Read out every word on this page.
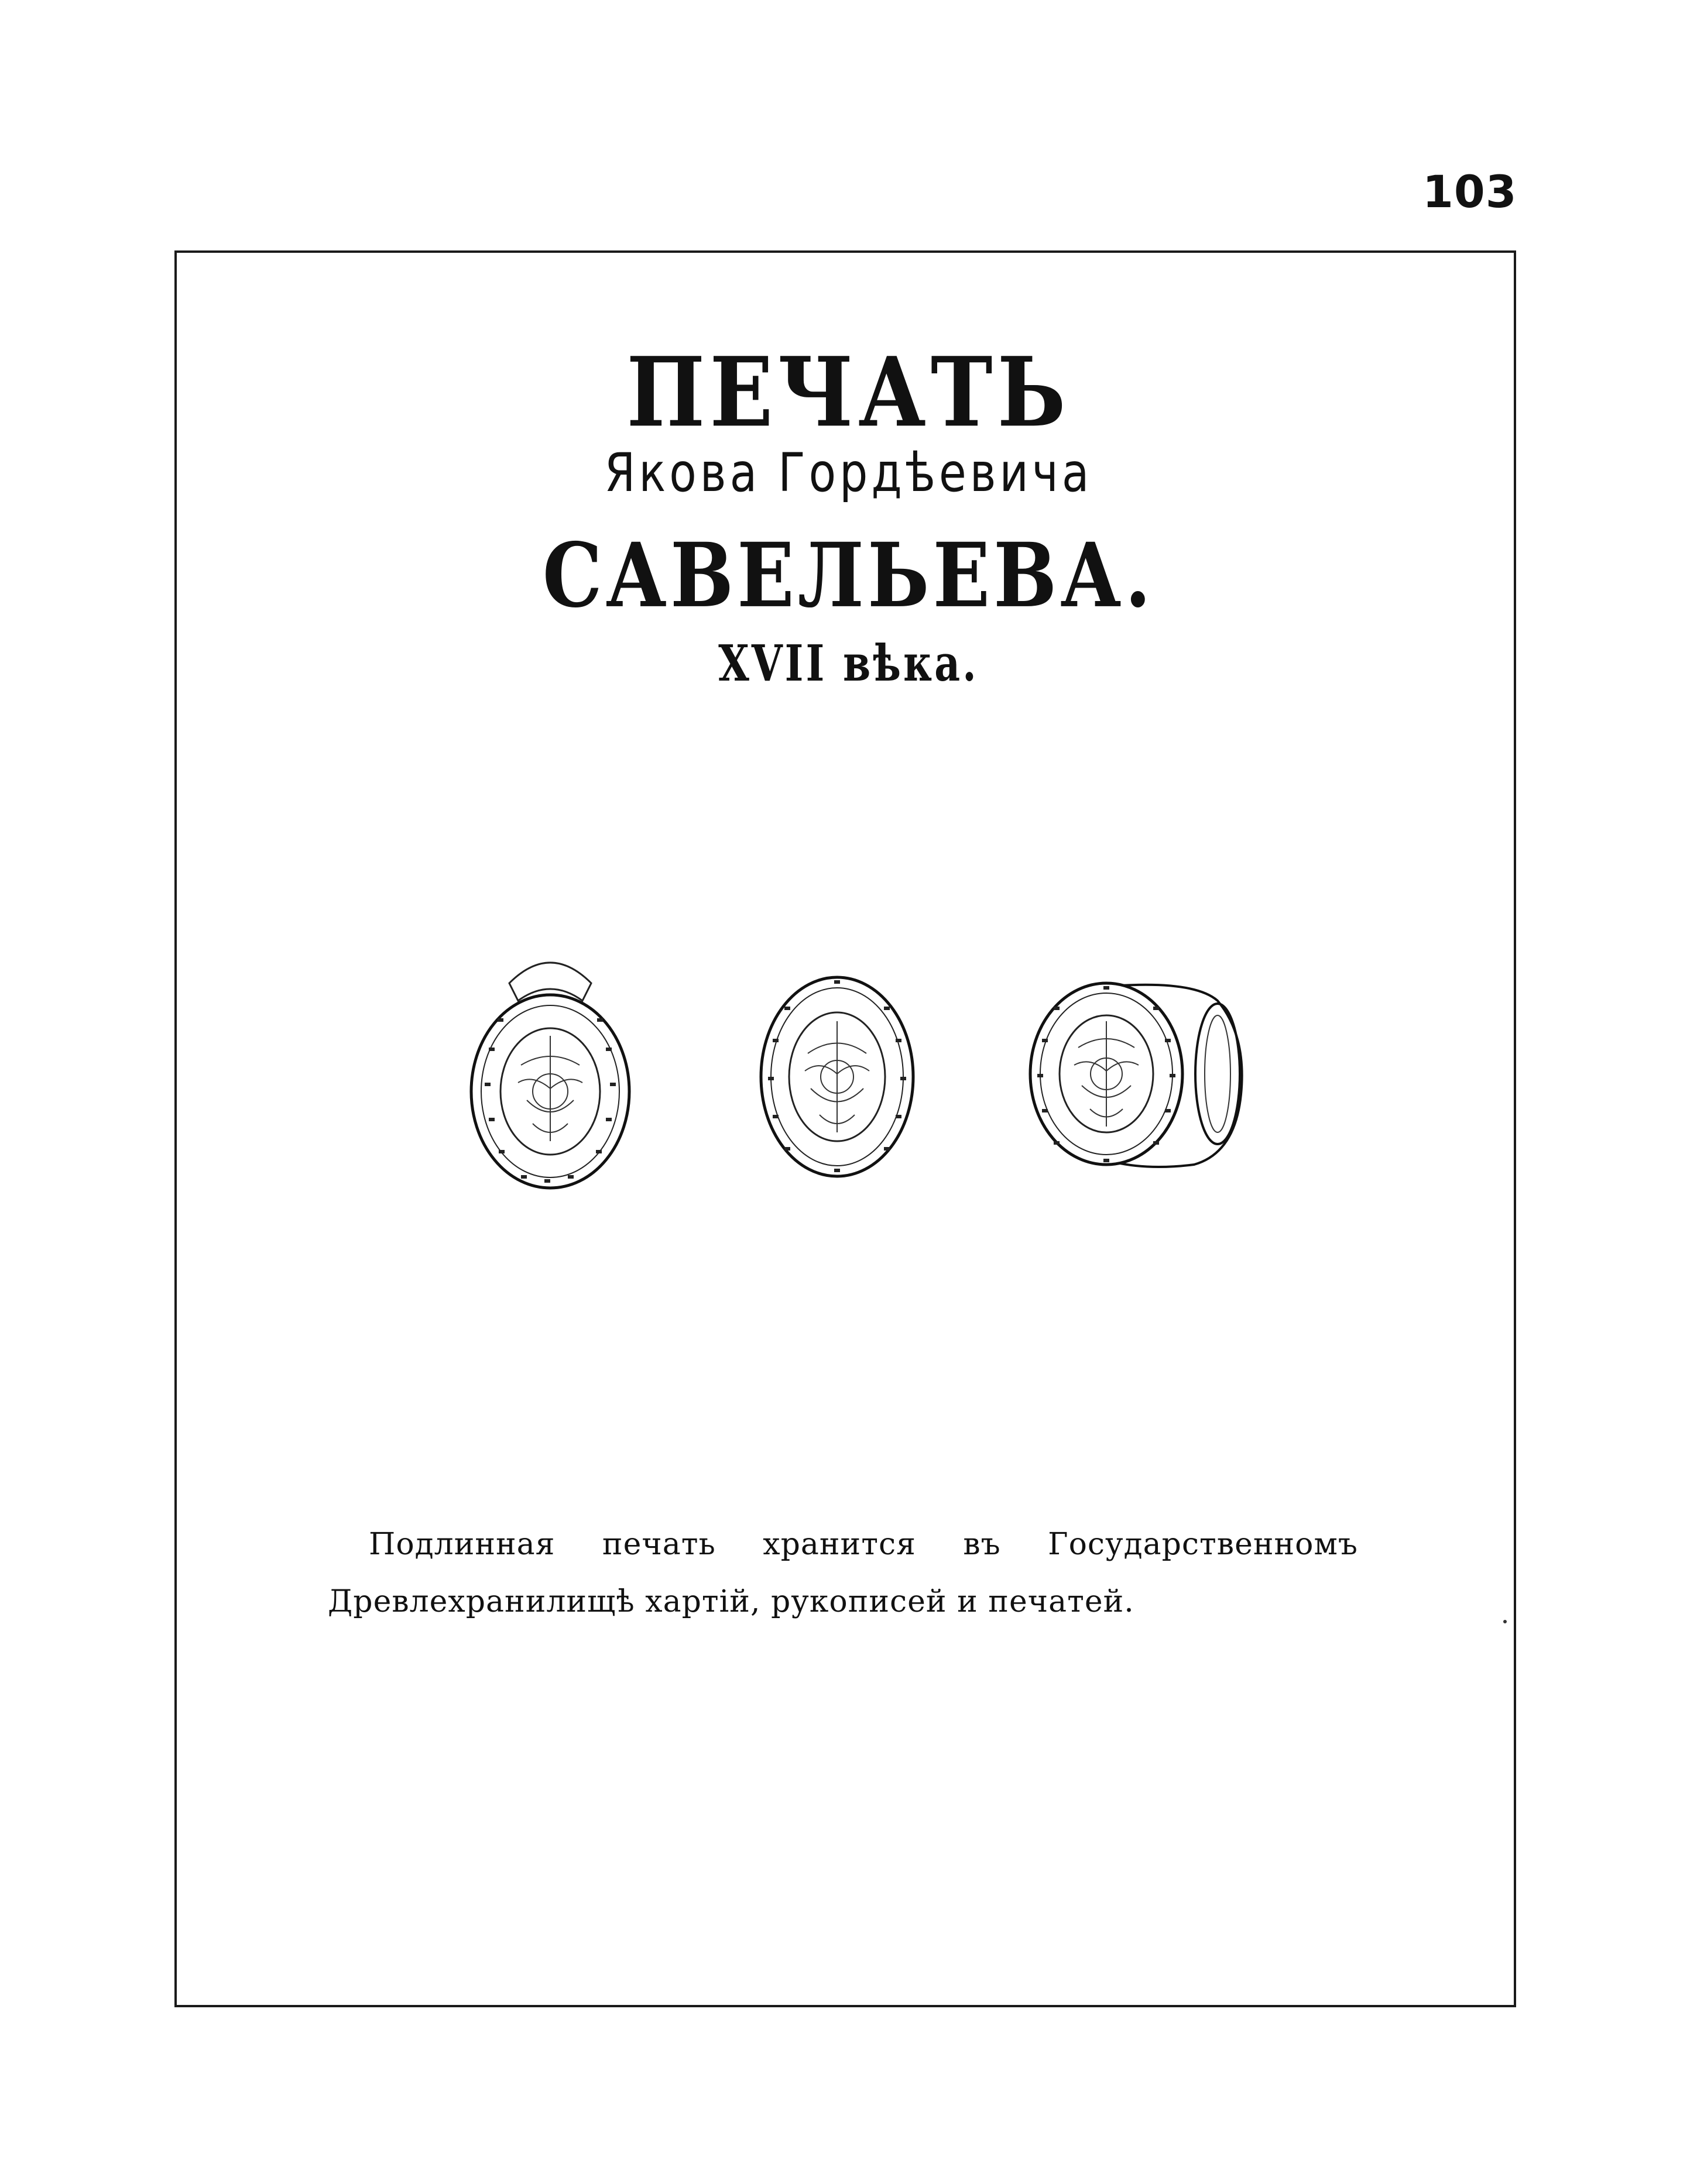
103
ПЕЧАТЬ
Якова Гордѣевича
САВЕЛЬЕВА.
XVII вѣка.
Подлинная печать хранится въ Государственномъ Древлехранилищѣ хартій, рукописей и печатей.
